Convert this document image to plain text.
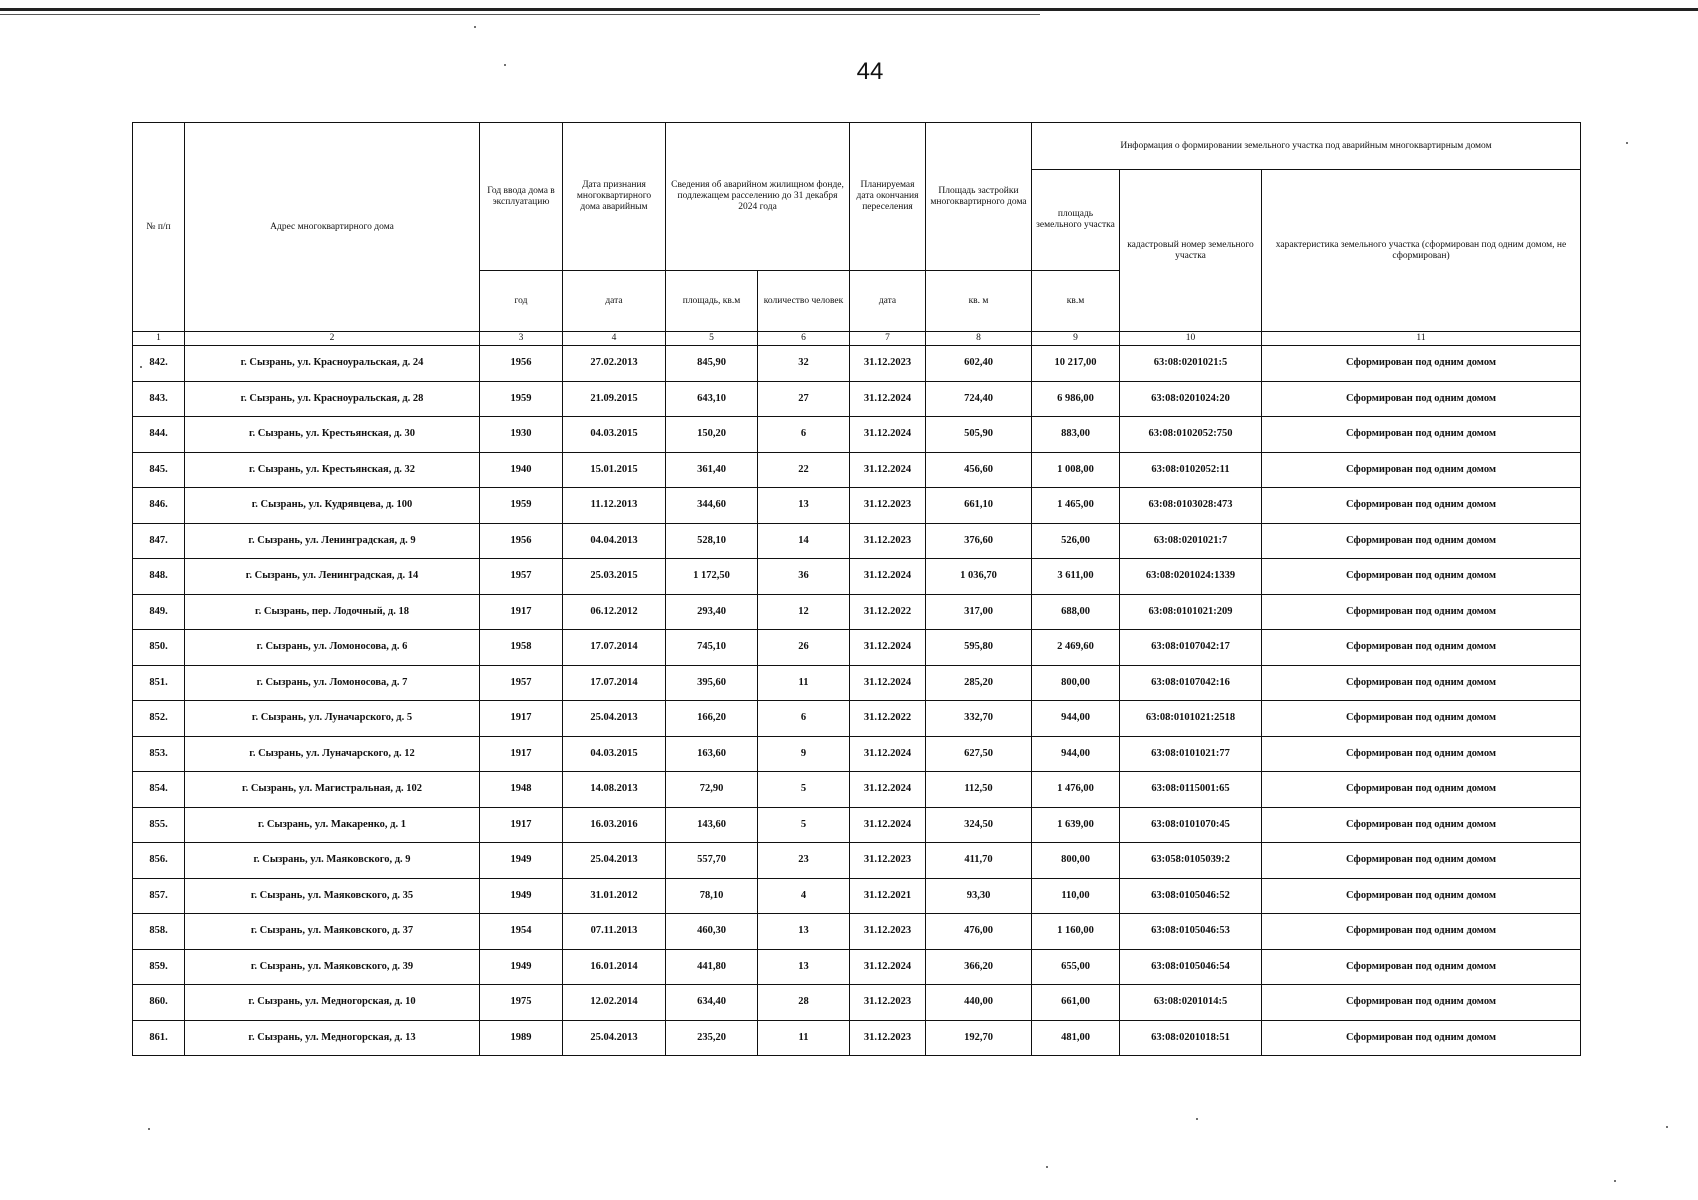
44
№ п/п	Адрес многоквартирного дома	Год ввода дома в эксплуатацию	Дата признания многоквартирного дома аварийным	Сведения об аварийном жилищном фонде, подлежащем расселению до 31 декабря 2024 года		Планируемая дата окончания переселения	Площадь застройки многоквартирного дома	Информация о формировании земельного участка под аварийным многоквартирным домом		
								площадь земельного участка	кадастровый номер земельного участка	характеристика земельного участка (сформирован под одним домом, не сформирован)
		год	дата	площадь, кв.м	количество человек	дата	кв. м	кв.м		
1	2	3	4	5	6	7	8	9	10	11
842.	г. Сызрань, ул. Красноуральская, д. 24	1956	27.02.2013	845,90	32	31.12.2023	602,40	10 217,00	63:08:0201021:5	Сформирован под одним домом
843.	г. Сызрань, ул. Красноуральская, д. 28	1959	21.09.2015	643,10	27	31.12.2024	724,40	6 986,00	63:08:0201024:20	Сформирован под одним домом
844.	г. Сызрань, ул. Крестьянская, д. 30	1930	04.03.2015	150,20	6	31.12.2024	505,90	883,00	63:08:0102052:750	Сформирован под одним домом
845.	г. Сызрань, ул. Крестьянская, д. 32	1940	15.01.2015	361,40	22	31.12.2024	456,60	1 008,00	63:08:0102052:11	Сформирован под одним домом
846.	г. Сызрань, ул. Кудрявцева, д. 100	1959	11.12.2013	344,60	13	31.12.2023	661,10	1 465,00	63:08:0103028:473	Сформирован под одним домом
847.	г. Сызрань, ул. Ленинградская, д. 9	1956	04.04.2013	528,10	14	31.12.2023	376,60	526,00	63:08:0201021:7	Сформирован под одним домом
848.	г. Сызрань, ул. Ленинградская, д. 14	1957	25.03.2015	1 172,50	36	31.12.2024	1 036,70	3 611,00	63:08:0201024:1339	Сформирован под одним домом
849.	г. Сызрань, пер. Лодочный, д. 18	1917	06.12.2012	293,40	12	31.12.2022	317,00	688,00	63:08:0101021:209	Сформирован под одним домом
850.	г. Сызрань, ул. Ломоносова, д. 6	1958	17.07.2014	745,10	26	31.12.2024	595,80	2 469,60	63:08:0107042:17	Сформирован под одним домом
851.	г. Сызрань, ул. Ломоносова, д. 7	1957	17.07.2014	395,60	11	31.12.2024	285,20	800,00	63:08:0107042:16	Сформирован под одним домом
852.	г. Сызрань, ул. Луначарского, д. 5	1917	25.04.2013	166,20	6	31.12.2022	332,70	944,00	63:08:0101021:2518	Сформирован под одним домом
853.	г. Сызрань, ул. Луначарского, д. 12	1917	04.03.2015	163,60	9	31.12.2024	627,50	944,00	63:08:0101021:77	Сформирован под одним домом
854.	г. Сызрань, ул. Магистральная, д. 102	1948	14.08.2013	72,90	5	31.12.2024	112,50	1 476,00	63:08:0115001:65	Сформирован под одним домом
855.	г. Сызрань, ул. Макаренко, д. 1	1917	16.03.2016	143,60	5	31.12.2024	324,50	1 639,00	63:08:0101070:45	Сформирован под одним домом
856.	г. Сызрань, ул. Маяковского, д. 9	1949	25.04.2013	557,70	23	31.12.2023	411,70	800,00	63:058:0105039:2	Сформирован под одним домом
857.	г. Сызрань, ул. Маяковского, д. 35	1949	31.01.2012	78,10	4	31.12.2021	93,30	110,00	63:08:0105046:52	Сформирован под одним домом
858.	г. Сызрань, ул. Маяковского, д. 37	1954	07.11.2013	460,30	13	31.12.2023	476,00	1 160,00	63:08:0105046:53	Сформирован под одним домом
859.	г. Сызрань, ул. Маяковского, д. 39	1949	16.01.2014	441,80	13	31.12.2024	366,20	655,00	63:08:0105046:54	Сформирован под одним домом
860.	г. Сызрань, ул. Медногорская, д. 10	1975	12.02.2014	634,40	28	31.12.2023	440,00	661,00	63:08:0201014:5	Сформирован под одним домом
861.	г. Сызрань, ул. Медногорская, д. 13	1989	25.04.2013	235,20	11	31.12.2023	192,70	481,00	63:08:0201018:51	Сформирован под одним домом
